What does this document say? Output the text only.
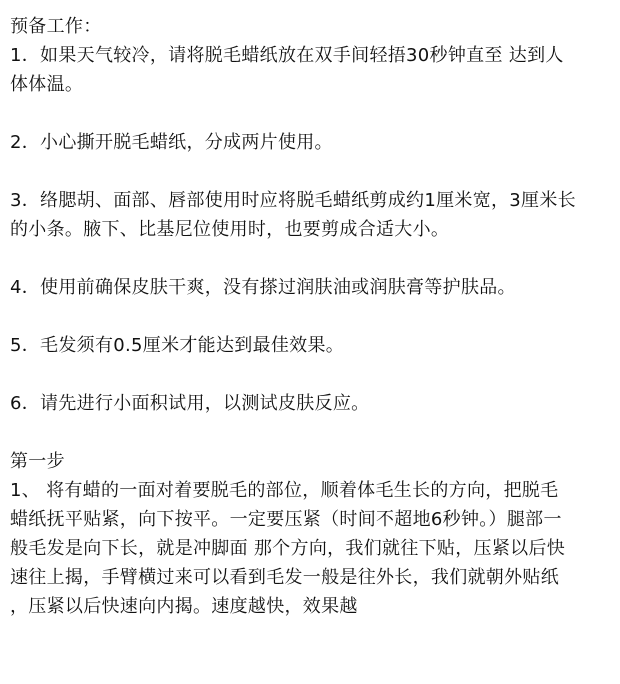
预备工作：
1．如果天气较冷，请将脱毛蜡纸放在双手间轻捂30秒钟直至 达到人
体体温。
2．小心撕开脱毛蜡纸，分成两片使用。
3．络腮胡、面部、唇部使用时应将脱毛蜡纸剪成约1厘米宽，3厘米长
的小条。腋下、比基尼位使用时，也要剪成合适大小。
4．使用前确保皮肤干爽，没有搽过润肤油或润肤膏等护肤品。
5．毛发须有0.5厘米才能达到最佳效果。
6．请先进行小面积试用，以测试皮肤反应。
第一步
1、 将有蜡的一面对着要脱毛的部位，顺着体毛生长的方向，把脱毛
蜡纸抚平贴紧，向下按平。一定要压紧（时间不超地6秒钟。）腿部一
般毛发是向下长，就是冲脚面 那个方向，我们就往下贴，压紧以后快
速往上揭，手臂横过来可以看到毛发一般是往外长，我们就朝外贴纸
，压紧以后快速向内揭。速度越快，效果越
